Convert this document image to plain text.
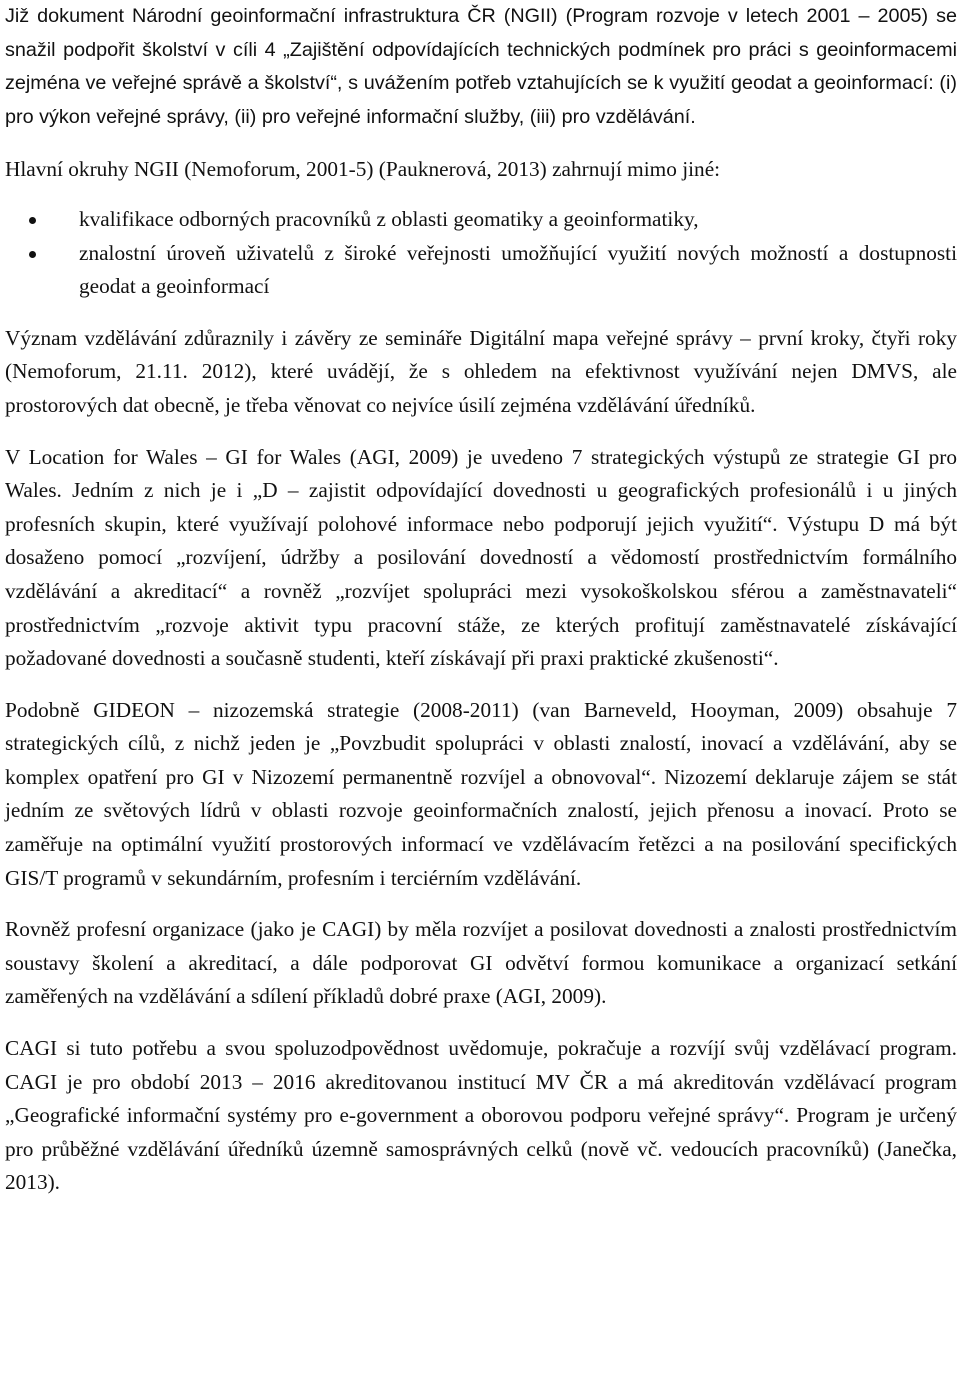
Již dokument Národní geoinformační infrastruktura ČR (NGII) (Program rozvoje v letech 2001 – 2005) se snažil podpořit školství v cíli 4 „Zajištění odpovídajících technických podmínek pro práci s geoinformacemi zejména ve veřejné správě a školství“, s uvážením potřeb vztahujících se k využití geodat a geoinformací: (i) pro výkon veřejné správy, (ii) pro veřejné informační služby, (iii) pro vzdělávání.

Hlavní okruhy NGII (Nemoforum, 2001-5) (Pauknerová, 2013) zahrnují mimo jiné:

kvalifikace odborných pracovníků z oblasti geomatiky a geoinformatiky,
znalostní úroveň uživatelů z široké veřejnosti umožňující využití nových možností a dostupnosti geodat a geoinformací

Význam vzdělávání zdůraznily i závěry ze semináře Digitální mapa veřejné správy – první kroky, čtyři roky (Nemoforum, 21.11. 2012), které uvádějí, že s ohledem na efektivnost využívání nejen DMVS, ale prostorových dat obecně, je třeba věnovat co nejvíce úsilí zejména vzdělávání úředníků.

V Location for Wales – GI for Wales (AGI, 2009) je uvedeno 7 strategických výstupů ze strategie GI pro Wales. Jedním z nich je i „D – zajistit odpovídající dovednosti u geografických profesionálů i u jiných profesních skupin, které využívají polohové informace nebo podporují jejich využití“. Výstupu D má být dosaženo pomocí „rozvíjení, údržby a posilování dovedností a vědomostí prostřednictvím formálního vzdělávání a akreditací“ a rovněž „rozvíjet spolupráci mezi vysokoškolskou sférou a zaměstnavateli“ prostřednictvím „rozvoje aktivit typu pracovní stáže, ze kterých profitují zaměstnavatelé získávající požadované dovednosti a současně studenti, kteří získávají při praxi praktické zkušenosti“.

Podobně GIDEON – nizozemská strategie (2008-2011) (van Barneveld, Hooyman, 2009) obsahuje 7 strategických cílů, z nichž jeden je „Povzbudit spolupráci v oblasti znalostí, inovací a vzdělávání, aby se komplex opatření pro GI v Nizozemí permanentně rozvíjel a obnovoval“. Nizozemí deklaruje zájem se stát jedním ze světových lídrů v oblasti rozvoje geoinformačních znalostí, jejich přenosu a inovací. Proto se zaměřuje na optimální využití prostorových informací ve vzdělávacím řetězci a na posilování specifických GIS/T programů v sekundárním, profesním i terciérním vzdělávání.

Rovněž profesní organizace (jako je CAGI) by měla rozvíjet a posilovat dovednosti a znalosti prostřednictvím soustavy školení a akreditací, a dále podporovat GI odvětví formou komunikace a organizací setkání zaměřených na vzdělávání a sdílení příkladů dobré praxe (AGI, 2009).

CAGI si tuto potřebu a svou spoluzodpovědnost uvědomuje, pokračuje a rozvíjí svůj vzdělávací program. CAGI je pro období 2013 – 2016 akreditovanou institucí MV ČR a má akreditován vzdělávací program „Geografické informační systémy pro e-government a oborovou podporu veřejné správy“. Program je určený pro průběžné vzdělávání úředníků územně samosprávných celků (nově vč. vedoucích pracovníků) (Janečka, 2013).
